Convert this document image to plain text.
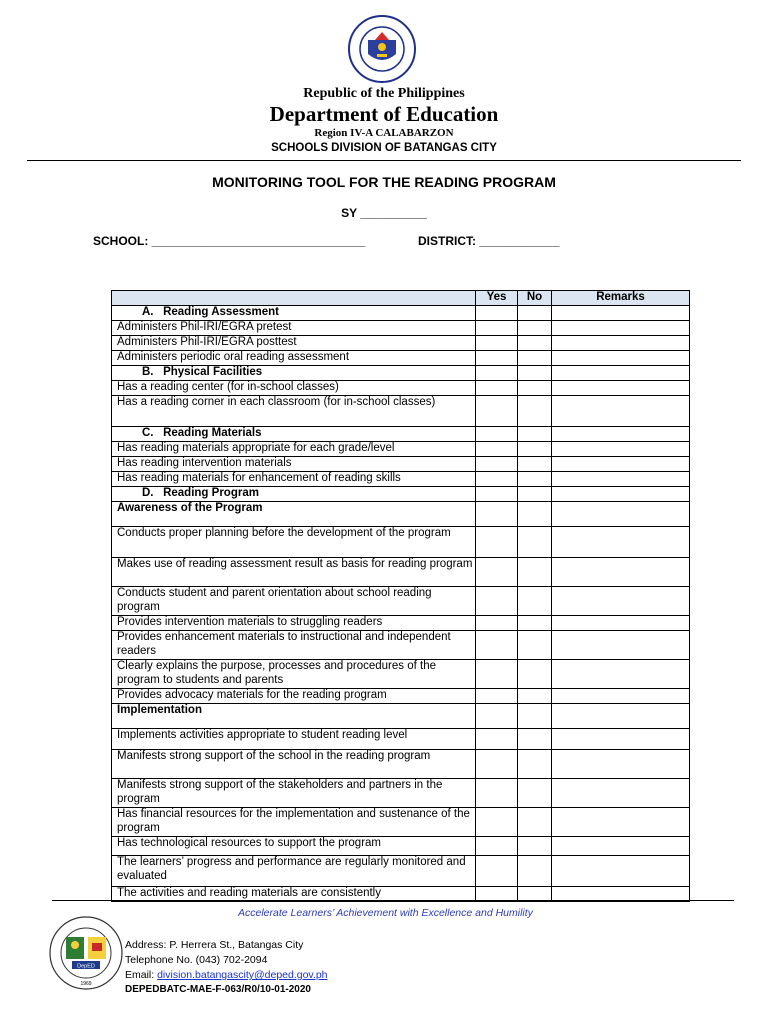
Republic of the Philippines
Department of Education
Region IV-A CALABARZON
SCHOOLS DIVISION OF BATANGAS CITY
MONITORING TOOL FOR THE READING PROGRAM
SY __________
SCHOOL: ________________________________	DISTRICT: ____________
	Yes	No	Remarks
A.   Reading Assessment			
Administers Phil-IRI/EGRA pretest			
Administers Phil-IRI/EGRA posttest			
Administers periodic oral reading assessment			
B.   Physical Facilities			
Has a reading center (for in-school classes)			
Has a reading corner in each classroom (for in-school classes)			
C.   Reading Materials			
Has reading materials appropriate for each grade/level			
Has reading intervention materials			
Has reading materials for enhancement of reading skills			
D.   Reading Program			
Awareness of the Program			
Conducts proper planning before the development of the program			
Makes use of reading assessment result as basis for reading program			
Conducts student and parent orientation about school reading program			
Provides intervention materials to struggling readers			
Provides enhancement materials to instructional and independent readers			
Clearly explains the purpose, processes and procedures of the program to students and parents			
Provides advocacy materials for the reading program			
Implementation			
Implements activities appropriate to student reading level			
Manifests strong support of the school in the reading program			
Manifests strong support of the stakeholders and partners in the program			
Has financial resources for the implementation and sustenance of the program			
Has technological resources to support the program			
The learners’ progress and performance are regularly monitored and evaluated			
The activities and reading materials are consistently			
Accelerate Learners’ Achievement with Excellence and Humility
DepED
1969
Address: P. Herrera St., Batangas City
Telephone No. (043) 702-2094
Email: division.batangascity@deped.gov.ph
DEPEDBATC-MAE-F-063/R0/10-01-2020
